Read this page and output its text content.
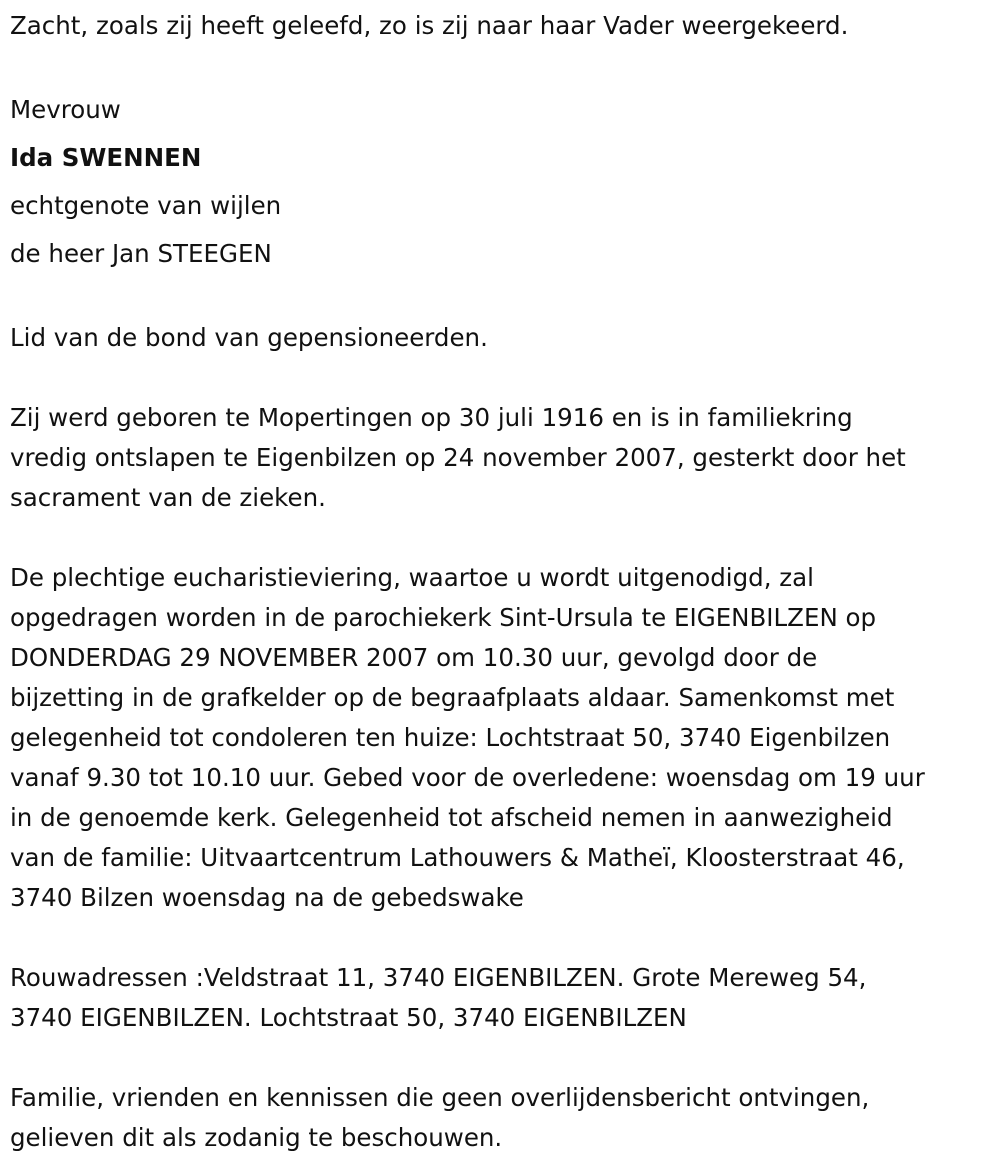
Zacht, zoals zij heeft geleefd, zo is zij naar haar Vader weergekeerd.
Mevrouw
Ida SWENNEN
echtgenote van wijlen
de heer Jan STEEGEN
Lid van de bond van gepensioneerden.
Zij werd geboren te Mopertingen op 30 juli 1916 en is in familiekring
vredig ontslapen te Eigenbilzen op 24 november 2007, gesterkt door het
sacrament van de zieken.
De plechtige eucharistieviering, waartoe u wordt uitgenodigd, zal
opgedragen worden in de parochiekerk Sint-Ursula te EIGENBILZEN op
DONDERDAG 29 NOVEMBER 2007 om 10.30 uur, gevolgd door de
bijzetting in de grafkelder op de begraafplaats aldaar. Samenkomst met
gelegenheid tot condoleren ten huize: Lochtstraat 50, 3740 Eigenbilzen
vanaf 9.30 tot 10.10 uur. Gebed voor de overledene: woensdag om 19 uur
in de genoemde kerk. Gelegenheid tot afscheid nemen in aanwezigheid
van de familie: Uitvaartcentrum Lathouwers & Matheï, Kloosterstraat 46,
3740 Bilzen woensdag na de gebedswake
Rouwadressen :Veldstraat 11, 3740 EIGENBILZEN. Grote Mereweg 54,
3740 EIGENBILZEN. Lochtstraat 50, 3740 EIGENBILZEN
Familie, vrienden en kennissen die geen overlijdensbericht ontvingen,
gelieven dit als zodanig te beschouwen.
